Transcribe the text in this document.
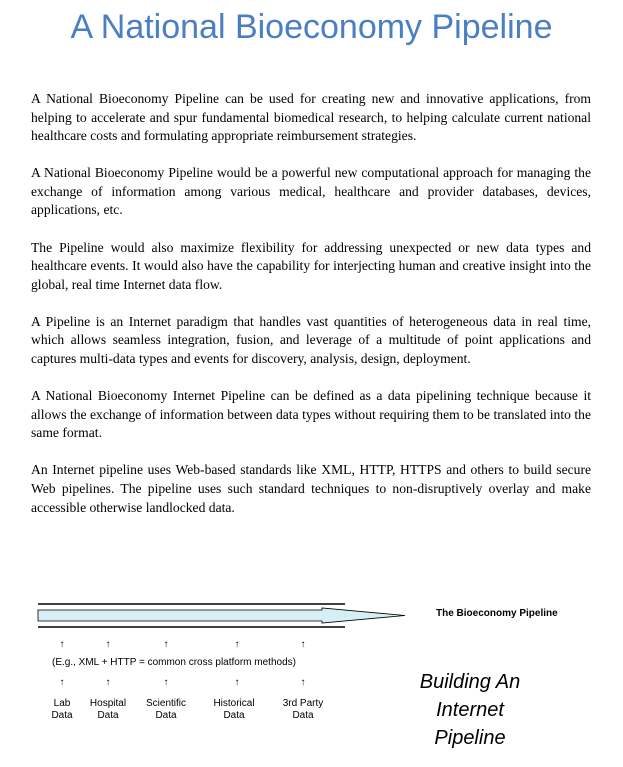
A National Bioeconomy Pipeline

A National Bioeconomy Pipeline can be used for creating new and innovative applications, from helping to accelerate and spur fundamental biomedical research, to helping calculate current national healthcare costs and formulating appropriate reimbursement strategies.

A National Bioeconomy Pipeline would be a powerful new computational approach for managing the exchange of information among various medical, healthcare and provider databases, devices, applications, etc.

The Pipeline would also maximize flexibility for addressing unexpected or new data types and healthcare events. It would also have the capability for interjecting human and creative insight into the global, real time Internet data flow.

A Pipeline is an Internet paradigm that handles vast quantities of heterogeneous data in real time, which allows seamless integration, fusion, and leverage of a multitude of point applications and captures multi-data types and events for discovery, analysis, design, deployment.

A National Bioeconomy Internet Pipeline can be defined as a data pipelining technique because it allows the exchange of information between data types without requiring them to be translated into the same format.

An Internet pipeline uses Web-based standards like XML, HTTP, HTTPS and others to build secure Web pipelines. The pipeline uses such standard techniques to non-disruptively overlay and make accessible otherwise landlocked data.

The Bioeconomy Pipeline
↑	↑	↑	↑	↑
(E.g., XML + HTTP = common cross platform methods)
↑	↑	↑	↑	↑
Lab
Data
Hospital
Data
Scientific
Data
Historical
Data
3rd Party
Data
Building An
Internet
Pipeline
